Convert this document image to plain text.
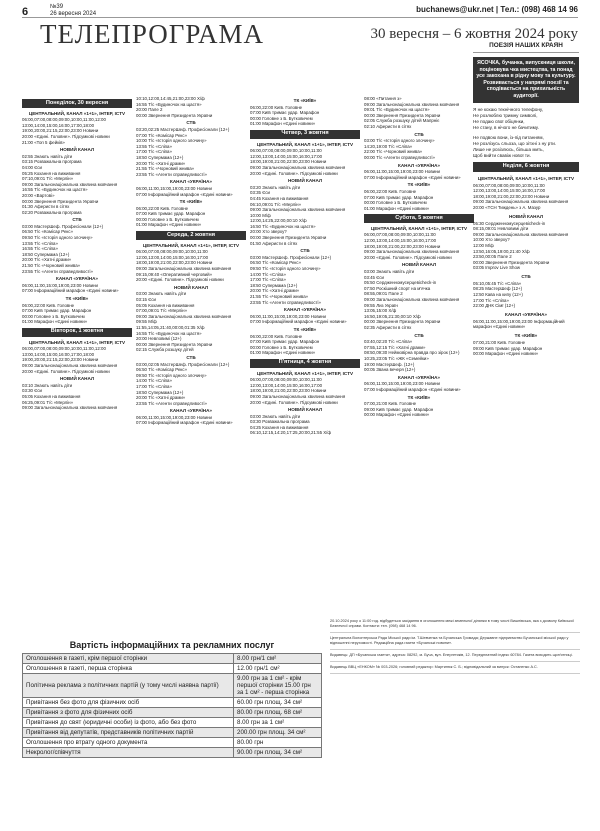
6	№39
26 вересня 2024	buchanews@ukr.net | Тел.: (098) 468 14 96
ТЕЛЕПРОГРАМА	30 вересня – 6 жовтня 2024 року
Понеділок, 30 вересня
ЦЕНТРАЛЬНИЙ, КАНАЛ «1+1», ІНТЕР, ICTV
06:00,07:00,08:00,09:00,10:00,11:00,12:00
13:00,14:00,15:00,16:00,17:00,18:00
19:00,20:00,21:15,22:00,23:00 Новини
20:00 «Єдині. Головне». Підсумкові новини
21:00 «Топ 5 фейків»
НОВИЙ КАНАЛ
02:55 Знають навіть діти
03:15 Розважальна програма
04:00 Єси
05:25 Кохання на виживання
07:10,09:01 Т/с «Мерлін»
09:00 Загальнонаціональна хвилина мовчання
16:55 Т/с «Будиночок на щастя»
20:00 «Вартові»
00:00 Звернення Президента України
01:30 Аферисти в сітях
02:20 Розважальна програма
СТБ
03:00 МастерШеф. Професіонали (12+)
06:50 Т/с «Комісар Рекс»
09:50 Т/с «Історія одного злочину»
13:55 Т/с «Сліпа»
16:55 Т/с «Сліпа»
18:50 Супермама (12+)
20:00 Т/с «Хатні драми»
21:50 Т/с «Чорновий жнива»
23:55 Т/с «Агенти справедливості»
КАНАЛ «УКРАЇНА»
06:00,11:00,15:00,19:00,23:00 Новини
07:00 Інформаційний марафон «Єдині новини»
ТК «КИЇВ»
06:00,22:00 Київ. Головне
07:00 Київ тримає удар. Марафон
00:00 Головне з Б. Бутковичем
01:00 Марафон «Єдині новини»
Вівторок, 1 жовтня
ЦЕНТРАЛЬНИЙ, КАНАЛ «1+1», ІНТЕР, ICTV
06:00,07:00,08:00,09:00,10:00,11:00,12:00
13:00,14:00,15:00,16:00,17:00,18:00
19:00,20:00,21:15,22:00,23:00 Новини
09:00 Загальнонаціональна хвилина мовчання
20:00 «Єдині. Головне». Підсумкові новини
НОВИЙ КАНАЛ
03:10 Знають навіть діти
03:30 Єси
05:05 Кохання на виживання
06:25,09:01 Т/с «Мерлін»
09:00 Загальнонаціональна хвилина мовчання
10:10,12:00,14:45,21:00,23:00 Х/ф
16:55 Т/с «Будиночок на щастя»
20:00 Пале 2
00:00 Звернення Президента України
СТБ
03:20,02:25 МастерШеф. Професіонали (12+)
07:00 Т/с «Комісар Рекс»
10:00 Т/с «Історія одного злочину»
13:55 Т/с «Сліпа»
17:00 Т/с «Сліпа»
18:50 Супермама (12+)
20:00 Т/с «Хатні драми»
21:55 Т/с «Чорновий жнива»
23:55 Т/с «Агенти справедливості»
КАНАЛ «УКРАЇНА»
06:00,11:00,15:00,19:00,23:00 Новини
07:00 Інформаційний марафон «Єдині новини»
ТК «КИЇВ»
06:00,22:00 Київ. Головне
07:00 Київ тримає удар. Марафон
00:00 Головне з Б. Бутковичем
01:00 Марафон «Єдині новини»
Середа, 2 жовтня
ЦЕНТРАЛЬНИЙ, КАНАЛ «1+1», ІНТЕР, ICTV
06:00,07:00,08:00,09:00,10:00,11:00
12:00,13:00,14:00,15:00,16:00,17:00
18:00,19:00,21:00,22:00,23:00 Новини
09:00 Загальнонаціональна хвилина мовчання
09:15,09:40 «Оперативний черговий»
20:00 «Єдині. Головне». Підсумкові новини
НОВИЙ КАНАЛ
03:00 Знають навіть діти
03:15 Єси
05:05 Кохання на виживання
07:00,09:01 Т/с «Мерлін»
09:00 Загальнонаціональна хвилина мовчання
09:55 М/ф
11:55,14:05,21:40,00:00,01:35 Х/ф
16:55 Т/с «Будиночок на щастя»
20:00 Невловимі (12+)
00:00 Звернення Президента України
02:15 Служба розшуку дітей
СТБ
03:00,02:05 МастерШеф. Професіонали (12+)
06:50 Т/с «Комісар Рекс»
09:50 Т/с «Історія одного злочину»
14:00 Т/с «Сліпа»
17:00 Т/с «Сліпа»
18:50 Супермама (12+)
20:00 Т/с «Хатні драми»
23:55 Т/с «Агенти справедливості»
КАНАЛ «УКРАЇНА»
06:00,11:00,15:00,19:00,23:00 Новини
07:00 Інформаційний марафон «Єдині новини»
ТК «КИЇВ»
06:00,22:00 Київ. Головне
07:00 Київ тримає удар. Марафон
00:00 Головне з Б. Бутковичем
01:00 Марафон «Єдині новини»
Четвер, 3 жовтня
ЦЕНТРАЛЬНИЙ, КАНАЛ «1+1», ІНТЕР, ICTV
06:00,07:00,08:00,09:00,10:00,11:00
12:00,13:00,14:00,15:00,16:00,17:00
18:00,19:00,21:00,22:00,23:00 Новини
09:00 Загальнонаціональна хвилина мовчання
20:00 «Єдині. Головне». Підсумкові новини
НОВИЙ КАНАЛ
03:20 Знають навіть діти
03:35 Єси
04:45 Кохання на виживання
06:10,09:01 Т/с «Мерлін»
09:00 Загальнонаціональна хвилина мовчання
10:00 М/ф
12:00,14:25,22:00,00:10 Х/ф
16:50 Т/с «Будиночок на щастя»
20:00 Хто зверху?
00:00 Звернення Президента України
01:50 Аферисти в сітях
СТБ
03:00 МастерШеф. Професіонали (12+)
06:50 Т/с «Комісар Рекс»
09:50 Т/с «Історія одного злочину»
14:00 Т/с «Сліпа»
17:00 Т/с «Сліпа»
18:50 Супермама (12+)
20:00 Т/с «Хатні драми»
21:55 Т/с «Чорновий жнива»
23:55 Т/с «Агенти справедливості»
КАНАЛ «УКРАЇНА»
06:00,11:00,15:00,19:00,23:00 Новини
07:00 Інформаційний марафон «Єдині новини»
ТК «КИЇВ»
06:00,22:00 Київ. Головне
07:00 Київ тримає удар. Марафон
00:00 Головне з Б. Бутковичем
01:00 Марафон «Єдині новини»
П'ятниця, 4 жовтня
ЦЕНТРАЛЬНИЙ, КАНАЛ «1+1», ІНТЕР, ICTV
06:00,07:00,08:00,09:00,10:00,11:00
12:00,13:00,14:00,15:00,16:00,17:00
18:00,19:00,21:00,22:00,23:00 Новини
09:00 Загальнонаціональна хвилина мовчання
20:00 «Єдині. Головне». Підсумкові новини
НОВИЙ КАНАЛ
03:00 Знають навіть діти
03:30 Розважальна програма
04:25 Кохання на виживання
06:10,12:15,14:20,17:25,20:00,21:55 Х/ф
08:00 «Питання з»
09:00 Загальнонаціональна хвилина мовчання
09:01 Т/с «Будиночок на щастя»
00:00 Звернення Президента України
02:05 Служба розшуку дітей Мапрніє
02:10 Аферисти в сітях
СТБ
03:00 Т/с «Історія одного злочину»
14:20,19:00 Т/с «Сліпа»
22:00 Т/с «Чорновий жнива»
00:00 Т/с «Агенти справедливості»
КАНАЛ «УКРАЇНА»
06:00,11:00,15:00,19:00,23:00 Новини
07:00 Інформаційний марафон «Єдині новини»
ТК «КИЇВ»
06:00,22:00 Київ. Головне
07:00 Київ тримає удар. Марафон
00:00 Головне з Б. Бутковичем
01:00 Марафон «Єдині новини»
Субота, 5 жовтня
ЦЕНТРАЛЬНИЙ, КАНАЛ «1+1», ІНТЕР, ICTV
06:00,07:00,08:00,09:00,10:00,11:00
12:00,13:00,14:00,15:00,16:00,17:00
18:00,19:00,21:00,22:00,23:00 Новини
09:00 Загальнонаціональна хвилина мовчання
20:00 «Єдині. Головне». Підсумкові новини
НОВИЙ КАНАЛ
03:00 Знають навіть діти
03:45 Єси
05:50 Сердженномусерцевіcheck-in
07:50 Роскішний спорт на м'ячка
08:55,09:01 Пале 2
09:00 Загальнонаціональна хвилина мовчання
09:55 Лиз Україн
13:05,15:00 Х/ф
16:50,19:05,21:30,00:10 Х/ф
00:00 Звернення Президента України
02:35 Аферисти в сітях
СТБ
03:40,02:20 Т/с «Сліпа»
07:55,12:15 Т/с «Хатні драми»
08:50,09:30 Неймовірна правда про зірок (12+)
10:25,23:05 Т/с «ЖК «Семейки»
19:00 МастерШеф. (12+)
00:05 Звана вечеря (12+)
КАНАЛ «УКРАЇНА»
06:00,11:00,15:00,19:00,23:00 Новини
07:00 Інформаційний марафон «Єдині новини»
ТК «КИЇВ»
07:00,21:00 Київ. Головне
09:00 Київ тримає удар. Марафон
00:00 Марафон «Єдині новини»
ПОЕЗІЯ НАШИХ КРАЯН
ЯСОЧКА, бучанка, випускниця школи, поціновува чка мистецтва, та понад усе закохана в рідну мову та культуру. Розвивається у напрямі поезії та сподівається на прихильність аудиторії.
Я не кохаю технічного телефону,
Не розлюблю тримну символі,
Не подаю свої обіцянки,
Не стану, в нічого не бачитиму.
Не подвою вони, із-під питанням,
Не розлізусь сльоза, що зітхні з ну рти.
Лише не розізлюсь, більша мить,
Щоб вийти свавіж нової ти.
Неділя, 6 жовтня
ЦЕНТРАЛЬНИЙ, КАНАЛ «1+1», ІНТЕР, ICTV
06:00,07:00,08:00,09:00,10:00,11:00
12:00,13:00,14:00,15:00,16:00,17:00
18:00,19:00,21:00,22:00,23:00 Новини
09:00 Загальнонаціональна хвилина мовчання
20:00 «ТСН Тиждень» з А. Мазур
НОВИЙ КАНАЛ
05:30 Сердженномусерцевіcheck-in
08:15,09:01 Невловимі діти
09:00 Загальнонаціональна хвилина мовчання
10:00 Хто зверху?
12:00 М/ф
13:50,16:05,19:00,21:40 Х/ф
23:50,00:05 Пале 2
00:00 Звернення Президента України
03:05 Improv Live Show
СТБ
05:10,05:45 Т/с «Сліпа»
08:25 МастерШеф (12+)
12:50 Кава на кипу (12+)
17:00 Т/с «Сліпа»
22:00 ДНК Сімї (12+)
КАНАЛ «УКРАЇНА»
06:00,11:00,15:00,19:00,23:00 Інформаційний марафон «Єдині новини»
ТК «КИЇВ»
07:00,21:00 Київ. Головне
09:00 Київ тримає удар. Марафон
00:00 Марафон «Єдині новини»
Вартість інформаційних та рекламних послуг
Оголошення в газеті, крім першої сторінки	8.00 грн/1 см²
Оголошення в газеті, перша сторінка	12.00 грн/1 см²
Політична реклама з політичних партій (у тому числі наявна партії)	9.00 грн за 1 см² - крім першої сторінки 15.00 грн за 1 см² - перша сторінка
Привітання без фото для фізичних осіб	60.00 грн площ. 34 см²
Привітання з фото для фізичних осіб	80.00 грн площ. 68 см²
Привітання до свят (юридичні особи) із фото, або без фото	8.00 грн за 1 см²
Привітання від депутатів, представників політичних партій	200.00 грн площ. 34 см²
Оголошення про втрату одного документа	80.00 грн
Некролог/співчуття	90.00 грн площ. 34 см²

20.10.2024 року о 11:00 год. відбудеться засідання в оголошення межі земельної ділянки в тому числі Вишнівська, яка з дозволу Київської Безпечної справи. Контакти: тел. (098) 468 14 96.

Центральна Волонтерська Рада Міської ради ім. Т.Шевченка та Бучанська Громада; Державне підприємство Бучанської міської ради у відношенні нерухомості. Редакційна рада газети «Бучанські новини».

Видавець: ДП «Бучанська газета», адреса: 08292, м. Буча, вул. Енергетиків, 12. Передплатний індекс 60784. Газета виходить щоп'ятниці.

Видавець ВВЦ «ЕНКОМ» № 003-2026; головний редактор: Мартинюк С. Б.; відповідальний за випуск: Остапенко А.С.
